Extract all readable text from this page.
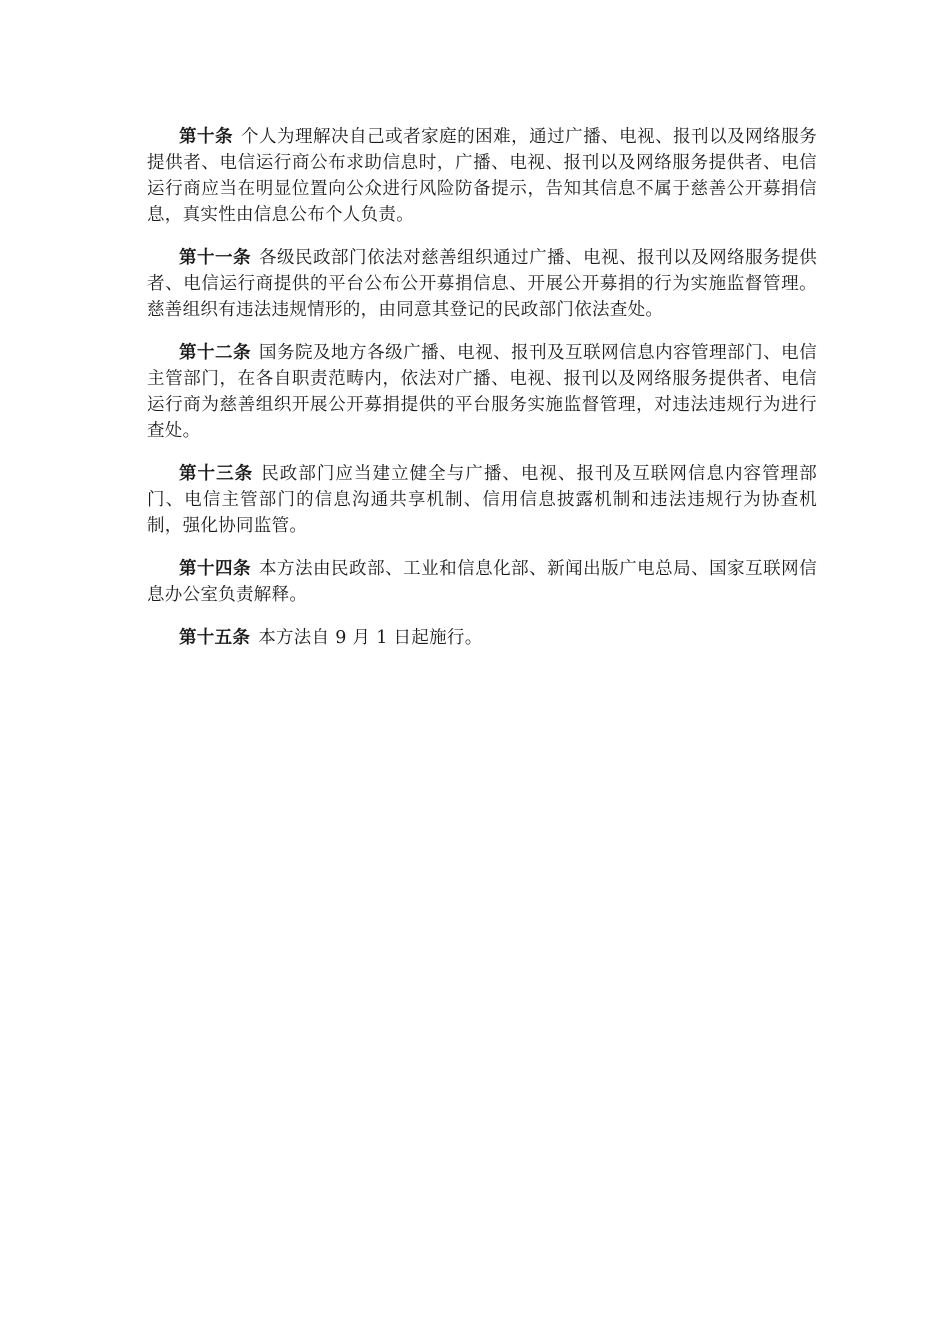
第十条 个人为理解决自己或者家庭的困难，通过广播、电视、报刊以及网络服务提供者、电信运行商公布求助信息时，广播、电视、报刊以及网络服务提供者、电信运行商应当在明显位置向公众进行风险防备提示，告知其信息不属于慈善公开募捐信息，真实性由信息公布个人负责。

第十一条 各级民政部门依法对慈善组织通过广播、电视、报刊以及网络服务提供者、电信运行商提供的平台公布公开募捐信息、开展公开募捐的行为实施监督管理。慈善组织有违法违规情形的，由同意其登记的民政部门依法查处。

第十二条 国务院及地方各级广播、电视、报刊及互联网信息内容管理部门、电信主管部门，在各自职责范畴内，依法对广播、电视、报刊以及网络服务提供者、电信运行商为慈善组织开展公开募捐提供的平台服务实施监督管理，对违法违规行为进行查处。

第十三条 民政部门应当建立健全与广播、电视、报刊及互联网信息内容管理部门、电信主管部门的信息沟通共享机制、信用信息披露机制和违法违规行为协查机制，强化协同监管。

第十四条 本方法由民政部、工业和信息化部、新闻出版广电总局、国家互联网信息办公室负责解释。

第十五条 本方法自 9 月 1 日起施行。
